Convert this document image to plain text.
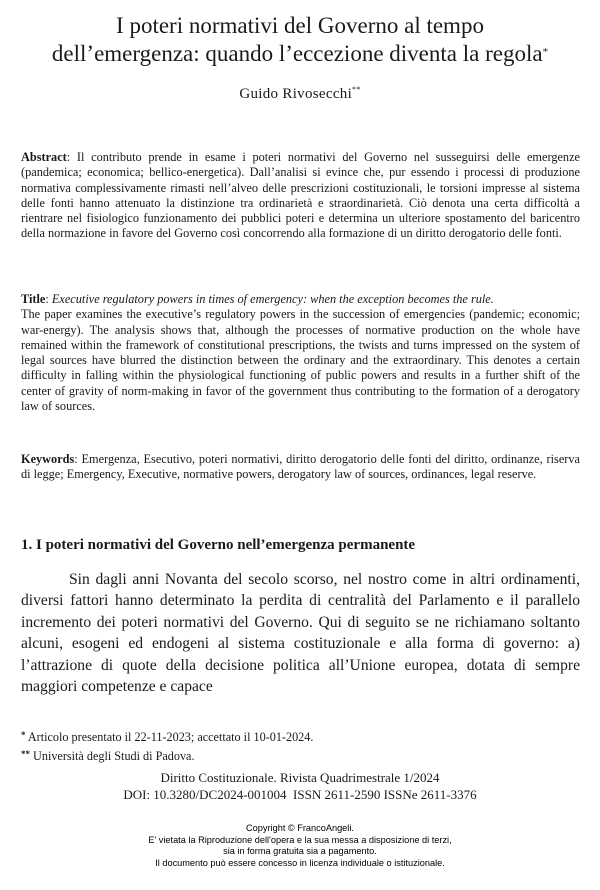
I poteri normativi del Governo al tempo
dell’emergenza: quando l’eccezione diventa la regola*
Guido Rivosecchi**
Abstract: Il contributo prende in esame i poteri normativi del Governo nel susseguirsi delle emergenze (pandemica; economica; bellico-energetica). Dall’analisi si evince che, pur essendo i processi di produzione normativa complessivamente rimasti nell’alveo delle prescrizioni costituzionali, le torsioni impresse al sistema delle fonti hanno attenuato la distinzione tra ordinarietà e straordinarietà. Ciò denota una certa difficoltà a rientrare nel fisiologico funzionamento dei pubblici poteri e determina un ulteriore spostamento del baricentro della normazione in favore del Governo così concorrendo alla formazione di un diritto derogatorio delle fonti.
Title: Executive regulatory powers in times of emergency: when the exception becomes the rule.
The paper examines the executive’s regulatory powers in the succession of emergencies (pandemic; economic; war-energy). The analysis shows that, although the processes of normative production on the whole have remained within the framework of constitutional prescriptions, the twists and turns impressed on the system of legal sources have blurred the distinction between the ordinary and the extraordinary. This denotes a certain difficulty in falling within the physiological functioning of public powers and results in a further shift of the center of gravity of norm-making in favor of the government thus contributing to the formation of a derogatory law of sources.
Keywords: Emergenza, Esecutivo, poteri normativi, diritto derogatorio delle fonti del diritto, ordinanze, riserva di legge; Emergency, Executive, normative powers, derogatory law of sources, ordinances, legal reserve.
1. I poteri normativi del Governo nell’emergenza permanente
Sin dagli anni Novanta del secolo scorso, nel nostro come in altri ordinamenti, diversi fattori hanno determinato la perdita di centralità del Parlamento e il parallelo incremento dei poteri normativi del Governo. Qui di seguito se ne richiamano soltanto alcuni, esogeni ed endogeni al sistema costituzionale e alla forma di governo: a) l’attrazione di quote della decisione politica all’Unione europea, dotata di sempre maggiori competenze e capace
* Articolo presentato il 22-11-2023; accettato il 10-01-2024.
** Università degli Studi di Padova.
Diritto Costituzionale. Rivista Quadrimestrale 1/2024
DOI: 10.3280/DC2024-001004  ISSN 2611-2590 ISSNe 2611-3376
Copyright © FrancoAngeli.
E' vietata la Riproduzione dell'opera e la sua messa a disposizione di terzi,
sia in forma gratuita sia a pagamento.
Il documento può essere concesso in licenza individuale o istituzionale.
